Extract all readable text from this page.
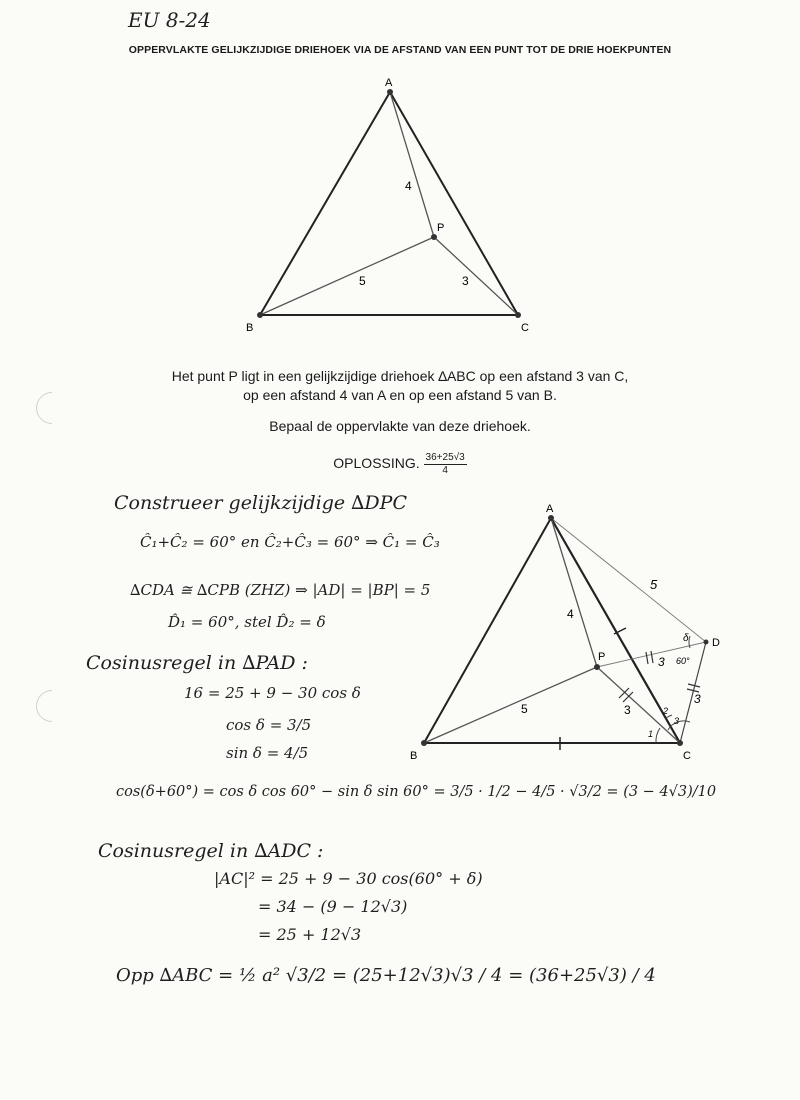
EU 8-24
OPPERVLAKTE GELIJKZIJDIGE DRIEHOEK VIA DE AFSTAND VAN EEN PUNT TOT DE DRIE HOEKPUNTEN
A
B	C
P
4
5	3
Het punt P ligt in een gelijkzijdige driehoek ∆ABC op een afstand 3 van C,
op een afstand 4 van A en op een afstand 5 van B.
Bepaal de oppervlakte van deze driehoek.
OPLOSSING. $\frac{36+25√3}{4}$
A
B	C
P
D
4
5	3
5
3
3
1
2
3
60°
δ
Construeer gelijkzijdige ∆DPC
Ĉ₁+Ĉ₂ = 60° en Ĉ₂+Ĉ₃ = 60° ⇒ Ĉ₁ = Ĉ₃
∆CDA ≅ ∆CPB (ZHZ) ⇒ |AD| = |BP| = 5
D̂₁ = 60°, stel D̂₂ = δ
Cosinusregel in ∆PAD :
16 = 25 + 9 − 30 cos δ
cos δ = 3/5
sin δ = 4/5
cos(δ+60°) = cos δ cos 60° − sin δ sin 60° = 3/5 · 1/2 − 4/5 · √3/2 = (3 − 4√3)/10
Cosinusregel in ∆ADC :
|AC|² = 25 + 9 − 30 cos(60° + δ)
= 34 − (9 − 12√3)
= 25 + 12√3
Opp ∆ABC = ½ a² √3/2 = (25+12√3)√3 / 4 = (36+25√3) / 4
